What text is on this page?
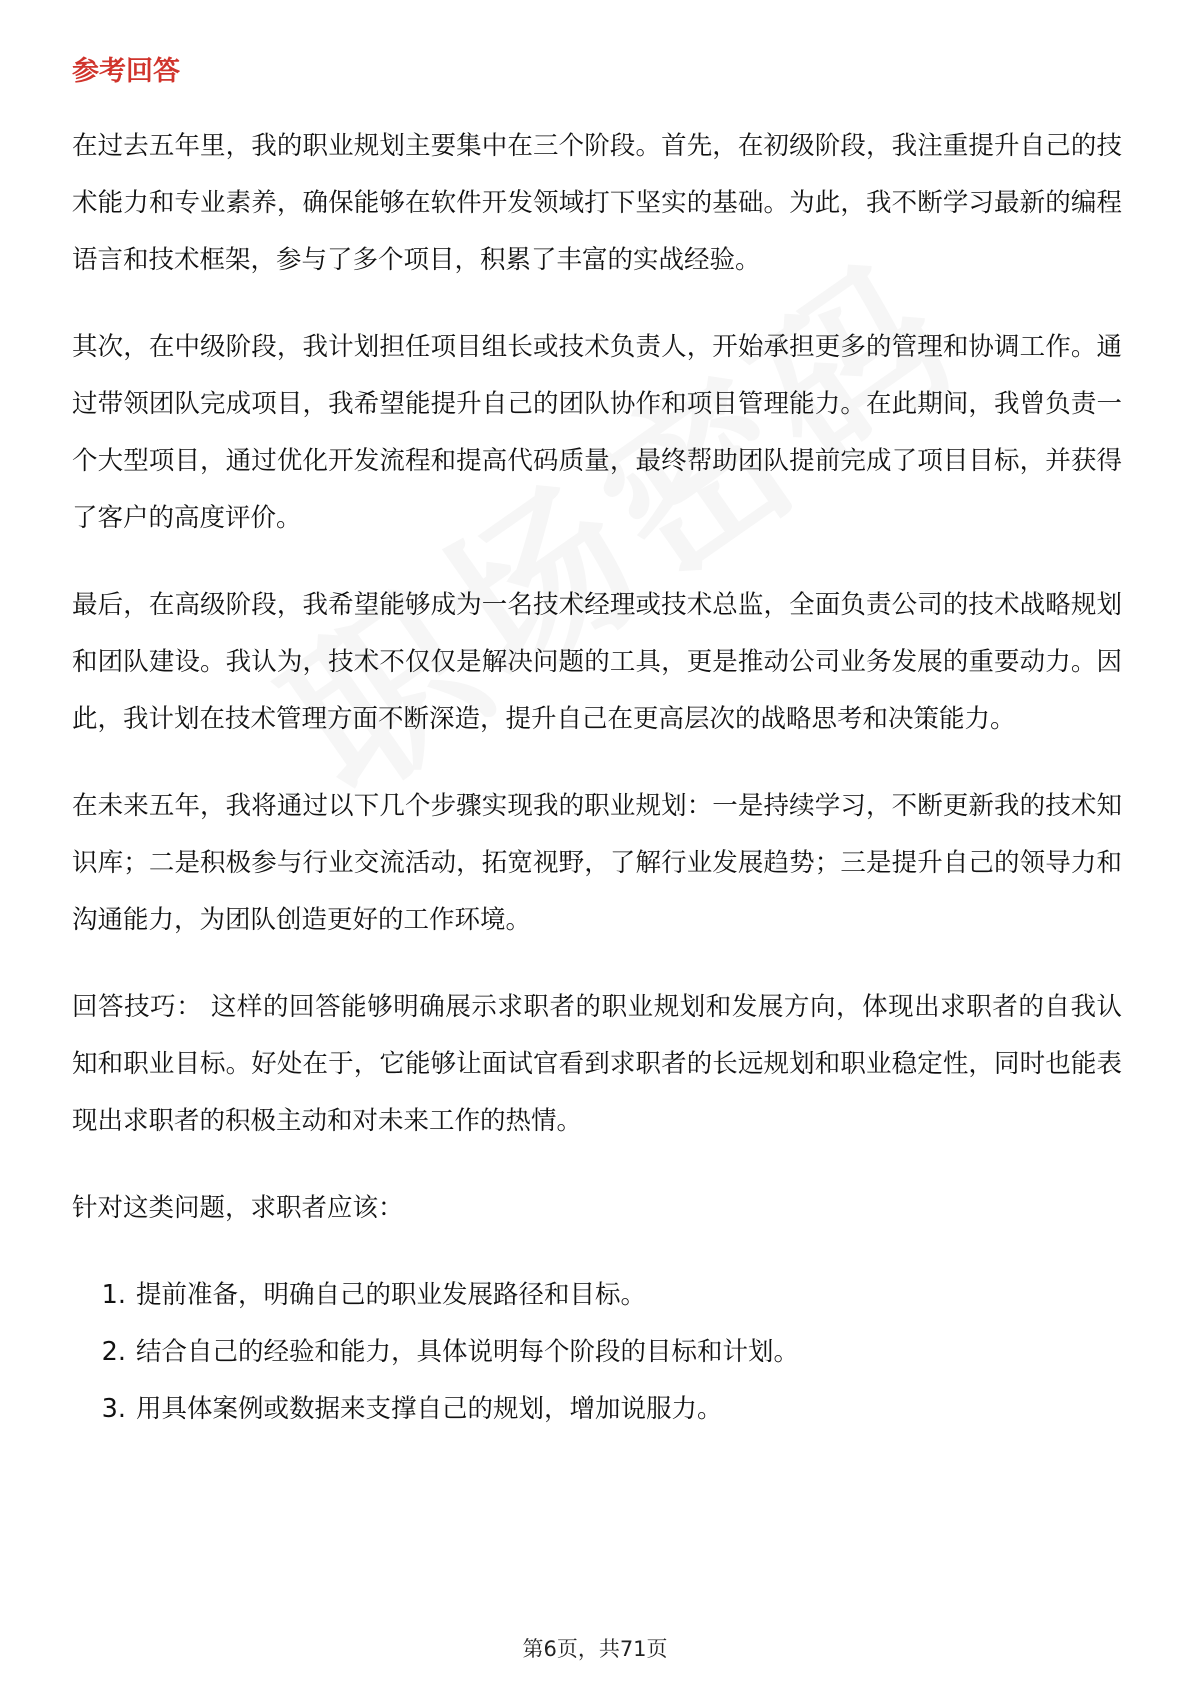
参考回答

在过去五年里，我的职业规划主要集中在三个阶段。首先，在初级阶段，我注重提升自己的技术能力和专业素养，确保能够在软件开发领域打下坚实的基础。为此，我不断学习最新的编程语言和技术框架，参与了多个项目，积累了丰富的实战经验。

其次，在中级阶段，我计划担任项目组长或技术负责人，开始承担更多的管理和协调工作。通过带领团队完成项目，我希望能提升自己的团队协作和项目管理能力。在此期间，我曾负责一个大型项目，通过优化开发流程和提高代码质量，最终帮助团队提前完成了项目目标，并获得了客户的高度评价。

最后，在高级阶段，我希望能够成为一名技术经理或技术总监，全面负责公司的技术战略规划和团队建设。我认为，技术不仅仅是解决问题的工具，更是推动公司业务发展的重要动力。因此，我计划在技术管理方面不断深造，提升自己在更高层次的战略思考和决策能力。

在未来五年，我将通过以下几个步骤实现我的职业规划：一是持续学习，不断更新我的技术知识库；二是积极参与行业交流活动，拓宽视野，了解行业发展趋势；三是提升自己的领导力和沟通能力，为团队创造更好的工作环境。

回答技巧： 这样的回答能够明确展示求职者的职业规划和发展方向，体现出求职者的自我认知和职业目标。好处在于，它能够让面试官看到求职者的长远规划和职业稳定性，同时也能表现出求职者的积极主动和对未来工作的热情。

针对这类问题，求职者应该：

1. 提前准备，明确自己的职业发展路径和目标。
2. 结合自己的经验和能力，具体说明每个阶段的目标和计划。
3. 用具体案例或数据来支撑自己的规划，增加说服力。
第6页，共71页
